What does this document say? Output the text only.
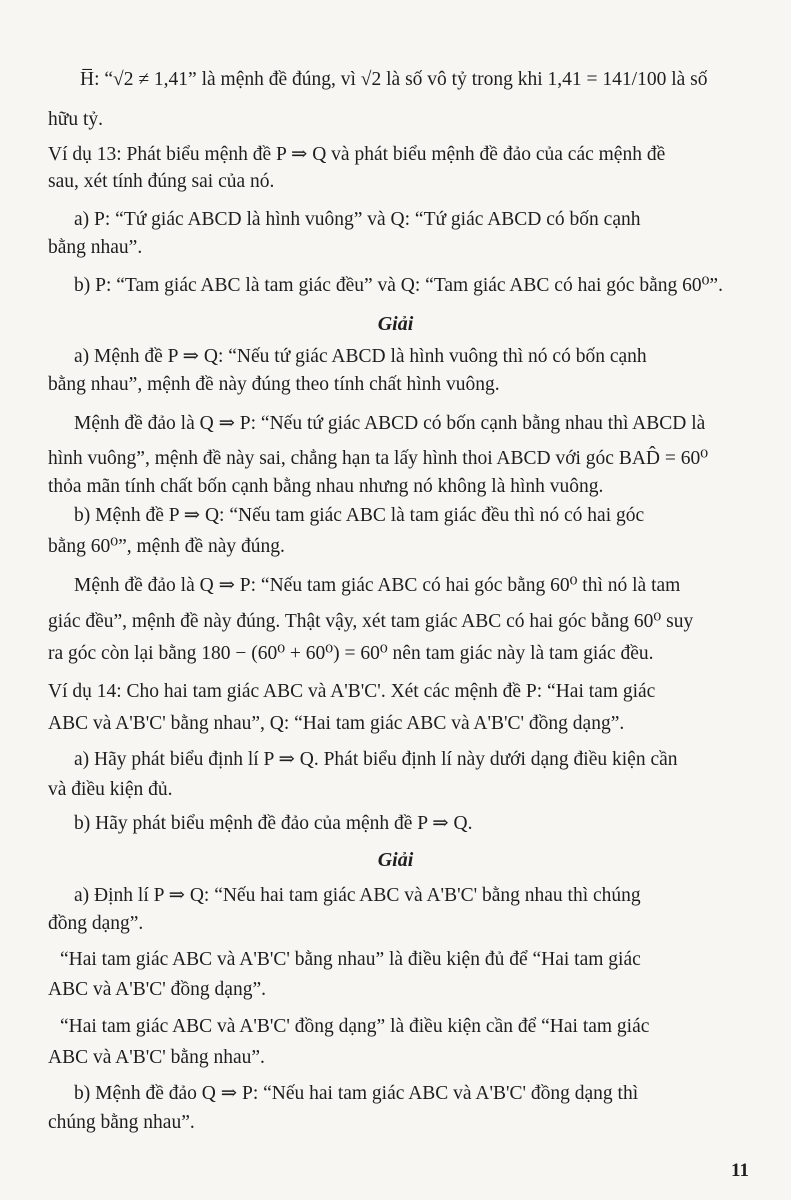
H̅: “√2 ≠ 1,41” là mệnh đề đúng, vì √2 là số vô tỷ trong khi 1,41 = 141/100 là số
hữu tỷ.
Ví dụ 13: Phát biểu mệnh đề P ⇒ Q và phát biểu mệnh đề đảo của các mệnh đề
sau, xét tính đúng sai của nó.
a) P: “Tứ giác ABCD là hình vuông” và Q: “Tứ giác ABCD có bốn cạnh
bằng nhau”.
b) P: “Tam giác ABC là tam giác đều” và Q: “Tam giác ABC có hai góc bằng 60⁰”.
Giải
a) Mệnh đề P ⇒ Q: “Nếu tứ giác ABCD là hình vuông thì nó có bốn cạnh
bằng nhau”, mệnh đề này đúng theo tính chất hình vuông.
Mệnh đề đảo là Q ⇒ P: “Nếu tứ giác ABCD có bốn cạnh bằng nhau thì ABCD là
hình vuông”, mệnh đề này sai, chẳng hạn ta lấy hình thoi ABCD với góc BAD̂ = 60⁰
thỏa mãn tính chất bốn cạnh bằng nhau nhưng nó không là hình vuông.
b) Mệnh đề P ⇒ Q: “Nếu tam giác ABC là tam giác đều thì nó có hai góc
bằng 60⁰”, mệnh đề này đúng.
Mệnh đề đảo là Q ⇒ P: “Nếu tam giác ABC có hai góc bằng 60⁰ thì nó là tam
giác đều”, mệnh đề này đúng. Thật vậy, xét tam giác ABC có hai góc bằng 60⁰ suy
ra góc còn lại bằng 180 − (60⁰ + 60⁰) = 60⁰ nên tam giác này là tam giác đều.
Ví dụ 14: Cho hai tam giác ABC và A'B'C'. Xét các mệnh đề P: “Hai tam giác
ABC và A'B'C' bằng nhau”, Q: “Hai tam giác ABC và A'B'C' đồng dạng”.
a) Hãy phát biểu định lí P ⇒ Q. Phát biểu định lí này dưới dạng điều kiện cần
và điều kiện đủ.
b) Hãy phát biểu mệnh đề đảo của mệnh đề P ⇒ Q.
Giải
a) Định lí P ⇒ Q: “Nếu hai tam giác ABC và A'B'C' bằng nhau thì chúng
đồng dạng”.
“Hai tam giác ABC và A'B'C' bằng nhau” là điều kiện đủ để “Hai tam giác
ABC và A'B'C' đồng dạng”.
“Hai tam giác ABC và A'B'C' đồng dạng” là điều kiện cần để “Hai tam giác
ABC và A'B'C' bằng nhau”.
b) Mệnh đề đảo Q ⇒ P: “Nếu hai tam giác ABC và A'B'C' đồng dạng thì
chúng bằng nhau”.
11
